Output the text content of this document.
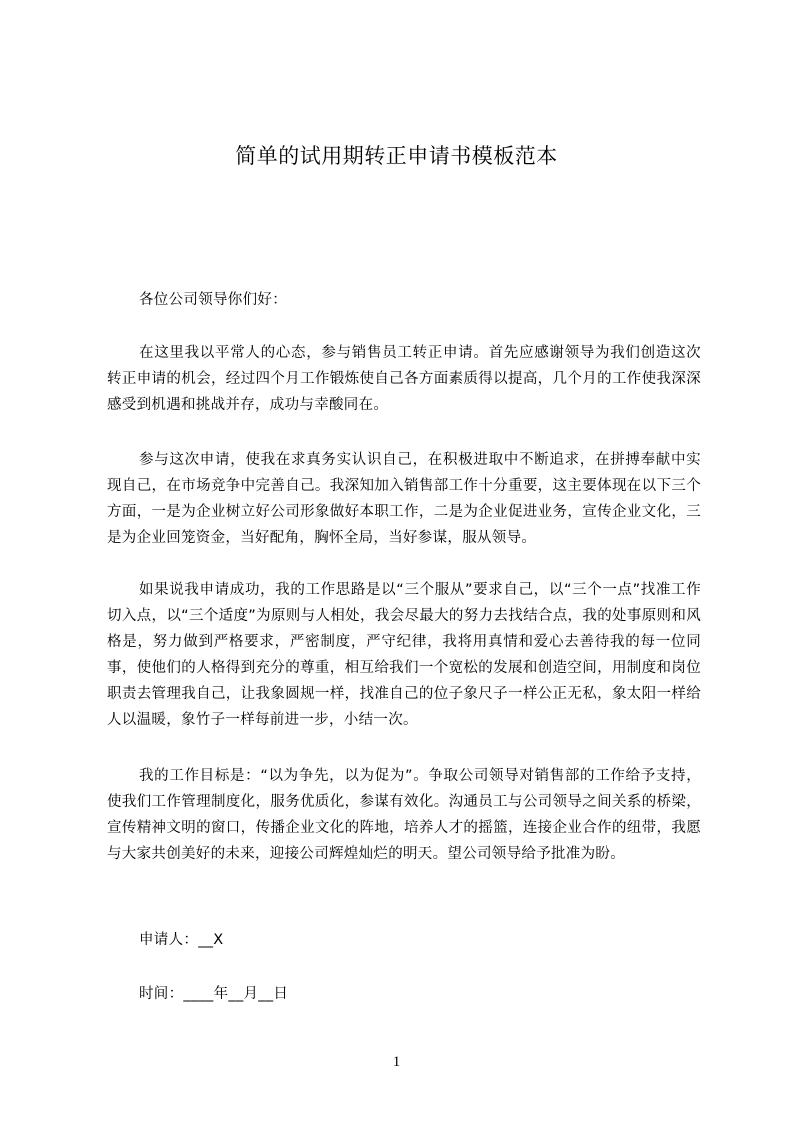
简单的试用期转正申请书模板范本

各位公司领导你们好：

在这里我以平常人的心态，参与销售员工转正申请。首先应感谢领导为我们创造这次转正申请的机会，经过四个月工作锻炼使自己各方面素质得以提高，几个月的工作使我深深感受到机遇和挑战并存，成功与幸酸同在。

参与这次申请，使我在求真务实认识自己，在积极进取中不断追求，在拼搏奉献中实现自己，在市场竞争中完善自己。我深知加入销售部工作十分重要，这主要体现在以下三个方面，一是为企业树立好公司形象做好本职工作，二是为企业促进业务，宣传企业文化，三是为企业回笼资金，当好配角，胸怀全局，当好参谋，服从领导。

如果说我申请成功，我的工作思路是以“三个服从”要求自己，以“三个一点”找准工作切入点，以“三个适度”为原则与人相处，我会尽最大的努力去找结合点，我的处事原则和风格是，努力做到严格要求，严密制度，严守纪律，我将用真情和爱心去善待我的每一位同事，使他们的人格得到充分的尊重，相互给我们一个宽松的发展和创造空间，用制度和岗位职责去管理我自己，让我象圆规一样，找准自己的位子象尺子一样公正无私，象太阳一样给人以温暖，象竹子一样每前进一步，小结一次。

我的工作目标是：“以为争先，以为促为”。争取公司领导对销售部的工作给予支持，使我们工作管理制度化，服务优质化，参谋有效化。沟通员工与公司领导之间关系的桥梁，宣传精神文明的窗口，传播企业文化的阵地，培养人才的摇篮，连接企业合作的纽带，我愿与大家共创美好的未来，迎接公司辉煌灿烂的明天。望公司领导给予批准为盼。

申请人：__X

时间：____年__月__日

1
